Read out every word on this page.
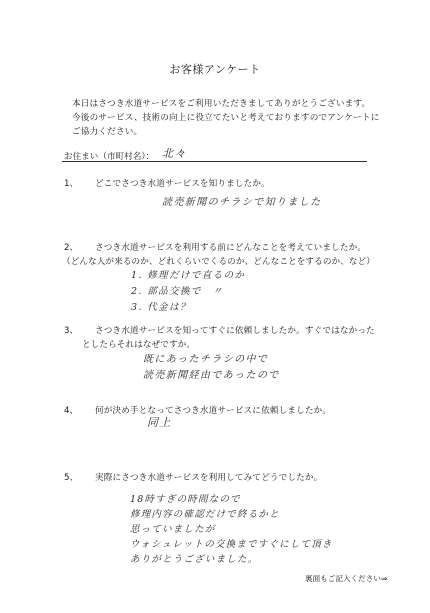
お客様アンケート
本日はさつき水道サービスをご利用いただきましてありがとうございます。
今後のサービス、技術の向上に役立てたいと考えておりますのでアンケートに
ご協力ください。
お住まい（市町村名）： 北々
1、 どこでさつき水道サービスを知りましたか。
読売新聞のチラシで知りました
2、 さつき水道サービスを利用する前にどんなことを考えていましたか。
（どんな人が来るのか、どれくらいでくるのか、どんなことをするのか、など）
1. 修理だけで直るのか
2. 部品交換で　〃
3. 代金は？
3、 さつき水道サービスを知ってすぐに依頼しましたか。すぐではなかった
としたらそれはなぜですか。
既にあったチラシの中で
読売新聞経由であったので
4、 何が決め手となってさつき水道サービスに依頼しましたか。
同上
5、 実際にさつき水道サービスを利用してみてどうでしたか。
18時すぎの時間なので
修理内容の確認だけで終るかと
思っていましたが
ウォシュレットの交換まですぐにして頂き
ありがとうございました。
裏面もご記入ください⇒
